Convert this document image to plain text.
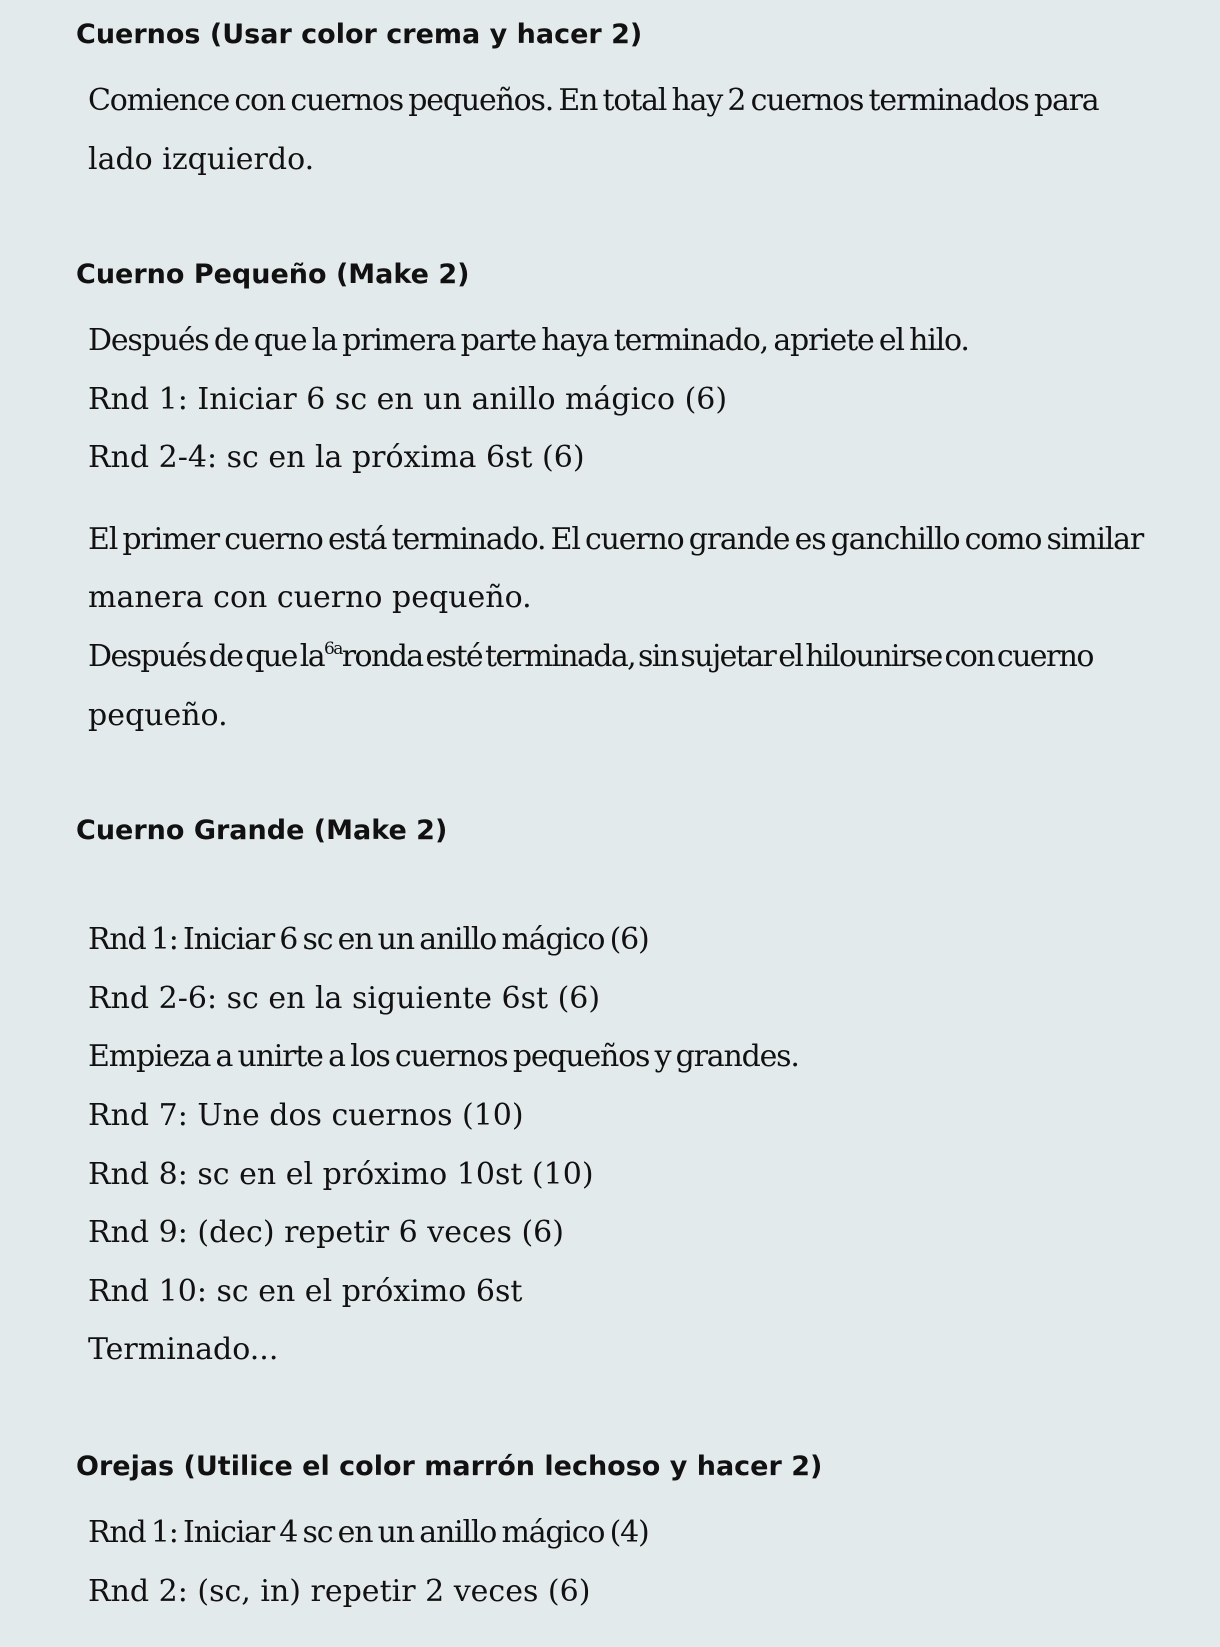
Cuernos (Usar color crema y hacer 2)

Comience con cuernos pequeños. En total hay 2 cuernos terminados para

lado izquierdo.

Cuerno Pequeño (Make 2)

Después de que la primera parte haya terminado, apriete el hilo.

Rnd 1: Iniciar 6 sc en un anillo mágico (6)

Rnd 2-4: sc en la próxima 6st (6)

El primer cuerno está terminado. El cuerno grande es ganchillo como similar

manera con cuerno pequeño.

Después de que $la^{6a}ronda$ esté terminada, sin sujetar el hilounirse con cuerno

pequeño.

Cuerno Grande (Make 2)

Rnd 1: Iniciar 6 sc en un anillo mágico (6)

Rnd 2-6: sc en la siguiente 6st (6)

Empieza a unirte a los cuernos pequeños y grandes.

Rnd 7: Une dos cuernos (10)

Rnd 8: sc en el próximo 10st (10)

Rnd 9: (dec) repetir 6 veces (6)

Rnd 10: sc en el próximo 6st

Terminado...

Orejas (Utilice el color marrón lechoso y hacer 2)

Rnd 1: Iniciar 4 sc en un anillo mágico (4)

Rnd 2: (sc, in) repetir 2 veces (6)
